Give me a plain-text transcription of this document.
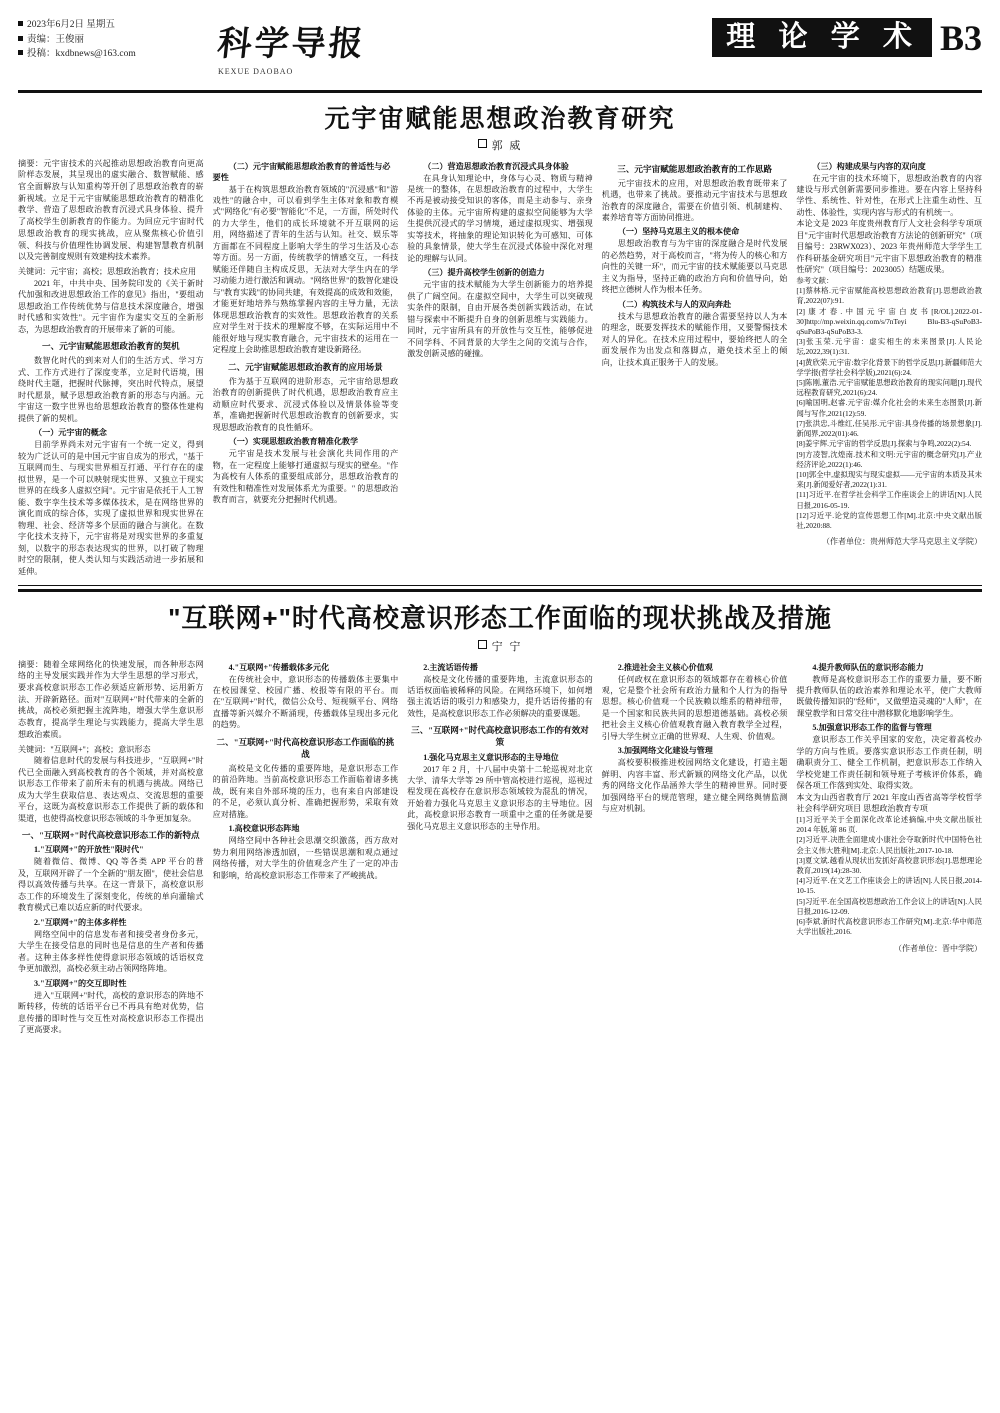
2023年6月2日 星期五
责编：王俊丽
投稿：kxdbnews@163.com	科学导报
KEXUE DAOBAO
理 论 学 术 B3
元宇宙赋能思想政治教育研究
郭 威

摘要：元宇宙技术的兴起推动思想政治教育向更高阶样态发展，其呈现出的虚实融合、数智赋能、感官全面解放与认知重构等开创了思想政治教育的崭新视域。立足于元宇宙赋能思想政治教育的精准化教学、营造了思想政治教育沉浸式具身体验、提升了高校学生创新教育的作能力。为回应元宇宙时代思想政治教育的现实挑战，应从聚焦核心价值引领、科技与价值理性协调发展、构建智慧教育机制以及完善制度规则有效建构技术素养。

关键词：元宇宙；高校；思想政治教育；技术应用

2021 年，中共中央、国务院印发的《关于新时代加强和改进思想政治工作的意见》指出，"要组动思想政治工作传统优势与信息技术深度融合，增强时代感和实效性"。元宇宙作为虚实交互的全新形态，为思想政治教育的开展带来了新的可能。

一、元宇宙赋能思想政治教育的契机

数智化时代的到来对人们的生活方式、学习方式、工作方式进行了深度变革，立足时代语境，围绕时代主题，把握时代脉搏，突出时代特点，展望时代愿景，赋予思想政治教育新的形态与内涵。元宇宙这一数字世界也给思想政治教育的整体性建构提供了新的契机。

（一）元宇宙的概念

目前学界尚未对元宇宙有一个统一定义，得到较为广泛认可的是中国元宇宙自成为的形式，"基于互联网而生、与现实世界相互打通、平行存在的虚拟世界，是一个可以映射现实世界、又独立于现实世界的在线多人虚拟空间"。元宇宙是依托于人工智能、数字孪生技术等多媒体技术，是在网络世界的演化而成的综合体，实现了虚拟世界和现实世界在物理、社会、经济等多个层面的融合与演化。在数字化技术支持下，元宇宙将是对现实世界的多重复刻，以数字的形态表达现实的世界，以打破了物理时空的限制，使人类认知与实践活动进一步拓展和延伸。

（二）元宇宙赋能思想政治教育的普适性与必要性

基于在构筑思想政治教育领域的"沉浸感"和"游戏性"的融合中，可以看到学生主体对象和教育模式"网络化"有必要"智能化"不足，一方面，所处时代的力大学生，他们的成长环境就不开互联网的运用，网络描述了青年的生活与认知。社交、娱乐等方面都在不同程度上影响大学生的学习生活及心态等方面。另一方面，传统教学的情感交互，一科技赋能还伴随自主构成反思，无法对大学生内在的学习动能力进行激活和调动。"网络世界"的数智化建设与"教育实践"的协同共建，有效提高的成效和效能，才能更好地培养与熟练掌握内容的主导力量，无法体现思想政治教育的实效性。思想政治教育的关系应对学生对于技术的理解度不够，在实际运用中不能很好地与现实教育融合，元宇宙技术的运用在一定程度上会助推思想政治教育建设新路径。

二、元宇宙赋能思想政治教育的应用场景

作为基于互联网的进阶形态，元宇宙给思想政治教育的创新提供了时代机遇，思想政治教育应主动顺应时代要求、沉浸式体验以及情景体验等变革，准确把握新时代思想政治教育的创新要求，实现思想政治教育的良性循环。

（一）实现思想政治教育精准化教学

元宇宙是技术发展与社会演化共同作用的产物，在一定程度上能够打通虚拟与现实的壁垒。"作为高校有人体系的重要组成部分，思想政治教育的有效性和精准性对发展体系尤为重要。" 的思想政治教育而言，就要充分把握时代机遇。

（二）营造思想政治教育沉浸式具身体验

在具身认知理论中，身体与心灵、物质与精神是统一的整体，在思想政治教育的过程中，大学生不再是被动接受知识的客体，而是主动参与、亲身体验的主体。元宇宙所构建的虚拟空间能够为大学生提供沉浸式的学习情境，通过虚拟现实、增强现实等技术，将抽象的理论知识转化为可感知、可体验的具象情景，使大学生在沉浸式体验中深化对理论的理解与认同。

（三）提升高校学生创新的创造力

元宇宙的技术赋能为大学生创新能力的培养提供了广阔空间。在虚拟空间中，大学生可以突破现实条件的限制，自由开展各类创新实践活动，在试错与探索中不断提升自身的创新思维与实践能力。同时，元宇宙所具有的开放性与交互性，能够促进不同学科、不同背景的大学生之间的交流与合作，激发创新灵感的碰撞。

三、元宇宙赋能思想政治教育的工作思路

元宇宙技术的应用，对思想政治教育既带来了机遇，也带来了挑战。要推动元宇宙技术与思想政治教育的深度融合，需要在价值引领、机制建构、素养培育等方面协同推进。

（一）坚持马克思主义的根本使命

思想政治教育与为宇宙的深度融合是时代发展的必然趋势，对于高校而言，"将为传人的核心和方向性的关键一环"，而元宇宙的技术赋能要以马克思主义为指导，坚持正确的政治方向和价值导向，始终把立德树人作为根本任务。

（二）构筑技术与人的双向奔赴

技术与思想政治教育的融合需要坚持以人为本的理念，既要发挥技术的赋能作用，又要警惕技术对人的异化。在技术应用过程中，要始终把人的全面发展作为出发点和落脚点，避免技术至上的倾向，让技术真正服务于人的发展。

（三）构建成果与内容的双向度

在元宇宙的技术环境下，思想政治教育的内容建设与形式创新需要同步推进。要在内容上坚持科学性、系统性、针对性，在形式上注重生动性、互动性、体验性，实现内容与形式的有机统一。

本论文是 2023 年度贵州教育厅人文社会科学专项项目"元宇宙时代思想政治教育方法论的创新研究"（项目编号：23RWX023）、2023 年贵州师范大学学生工作科研基金研究项目"元宇宙下思想政治教育的精准性研究"（项目编号：2023005）结题成果。

参考文献：

[1]蔡林格.元宇宙赋能高校思想政治教育[J].思想政治教育,2022(07):91.

[2]康才春.中国元宇宙白皮书[R/OL].2022-01-30]http://mp.weixin.qq.com/s/7nTeyi Blu-B3-qSuPoB3-qSuPoB3-qSuPoB3-3.

[3]张玉荣.元宇宙：虚实相生的未来图景[J].人民论坛,2022,39(1):31.

[4]黄欣荣.元宇宙:数字化背景下的哲学反思[J].新疆师范大学学报(哲学社会科学版),2021(6):24.

[5]陈刚,董浩.元宇宙赋能思想政治教育的现实问题[J].现代远程教育研究,2021(6):24.

[6]喻国明,赵睿.元宇宙:媒介化社会的未来生态图景[J].新闻与写作,2021(12):59.

[7]张洪忠,斗维红,任吴彤.元宇宙:具身传播的场景想象[J].新闻界,2022(01):46.

[8]姜宇辉.元宇宙的哲学反思[J].探索与争鸣,2022(2):54.

[9]方凌智,沈煌南.技术和文明:元宇宙的概念研究[J].产业经济评论,2022(1):46.

[10]郭全中,虚拟现实与现实虚拟——元宇宙的本质及其未来[J].新闻爱好者,2022(1):31.

[11]习近平.在哲学社会科学工作座谈会上的讲话[N].人民日报,2016-05-19.

[12]习近平.论党的宣传思想工作[M].北京:中央文献出版社,2020:88.

（作者单位：贵州师范大学马克思主义学院）
"互联网+"时代高校意识形态工作面临的现状挑战及措施
宁 宁

摘要：随着全球网络化的快速发展，而各种形态网络的主导发展实践并作为大学生思想的学习形式，要求高校意识形态工作必须适应新形势、运用新方法、开辟新路径。面对"互联网+"时代带来的全新的挑战，高校必须把握主流阵地，增强大学生意识形态教育，提高学生理论与实践能力，提高大学生思想政治素质。

关键词："互联网+"；高校；意识形态

随着信息时代的发展与科技进步，"互联网+"时代已全面融入到高校教育的各个领域，并对高校意识形态工作带来了前所未有的机遇与挑战。网络已成为大学生获取信息、表达观点、交流思想的重要平台，这既为高校意识形态工作提供了新的载体和渠道，也使得高校意识形态领域的斗争更加复杂。

一、"互联网+"时代高校意识形态工作的新特点
1."互联网+"的开放性"限时代"

随着微信、微博、QQ 等各类 APP 平台的普及，互联网开辟了一个全新的"朋友圈"，使社会信息得以高效传播与共享。在这一背景下，高校意识形态工作的环境发生了深刻变化，传统的单向灌输式教育模式已难以适应新的时代要求。

2."互联网+"的主体多样性

网络空间中的信息发布者和接受者身份多元，大学生在接受信息的同时也是信息的生产者和传播者。这种主体多样性使得意识形态领域的话语权竞争更加激烈，高校必须主动占领网络阵地。

3."互联网+"的交互即时性

进入"互联网+"时代，高校的意识形态的阵地不断转移，传统的话语平台已不再具有绝对优势，信息传播的即时性与交互性对高校意识形态工作提出了更高要求。

4."互联网+"传播载体多元化

在传统社会中，意识形态的传播载体主要集中在校园课堂、校园广播、校报等有限的平台。而在"互联网+"时代，微信公众号、短视频平台、网络直播等新兴媒介不断涌现，传播载体呈现出多元化的趋势。

二、"互联网+"时代高校意识形态工作面临的挑战

高校是文化传播的重要阵地，是意识形态工作的前沿阵地。当前高校意识形态工作面临着诸多挑战，既有来自外部环境的压力，也有来自内部建设的不足，必须认真分析、准确把握形势，采取有效应对措施。

1.高校意识形态阵地

网络空间中各种社会思潮交织激荡，西方敌对势力利用网络渗透加剧，一些错误思潮和观点通过网络传播，对大学生的价值观念产生了一定的冲击和影响，给高校意识形态工作带来了严峻挑战。

2.主流话语传播

高校是文化传播的重要阵地，主流意识形态的话语权面临被稀释的风险。在网络环境下，如何增强主流话语的吸引力和感染力，提升话语传播的有效性，是高校意识形态工作必须解决的重要课题。

三、"互联网+"时代高校意识形态工作的有效对策
1.强化马克思主义意识形态的主导地位

2017 年 2 月，十八届中央第十二轮巡视对北京大学、清华大学等 29 所中管高校进行巡视，巡视过程发现在高校存在意识形态领域较为混乱的情况，开始着力强化马克思主义意识形态的主导地位。因此，高校意识形态教育一项重中之重的任务就是要强化马克思主义意识形态的主导作用。

2.推进社会主义核心价值观

任何政权在意识形态的领域都存在着核心价值观，它是整个社会所有政治力量和个人行为的指导思想。核心价值观一个民族赖以维系的精神纽带，是一个国家和民族共同的思想道德基础。高校必须把社会主义核心价值观教育融入教育教学全过程，引导大学生树立正确的世界观、人生观、价值观。

3.加强网络文化建设与管理

高校要积极推进校园网络文化建设，打造主题鲜明、内容丰富、形式新颖的网络文化产品，以优秀的网络文化作品涵养大学生的精神世界。同时要加强网络平台的规范管理，建立健全网络舆情监测与应对机制。

4.提升教师队伍的意识形态能力

教师是高校意识形态工作的重要力量，要不断提升教师队伍的政治素养和理论水平，使广大教师既做传播知识的"经师"，又做塑造灵魂的"人师"，在课堂教学和日常交往中潜移默化地影响学生。

5.加强意识形态工作的监督与管理

意识形态工作关乎国家的安危，决定着高校办学的方向与性质。要落实意识形态工作责任制，明确职责分工、健全工作机制，把意识形态工作纳入学校党建工作责任制和领导班子考核评价体系，确保各项工作落到实处、取得实效。

本文为山西省教育厅 2021 年度山西省高等学校哲学社会科学研究项目 思想政治教育专项

[1]习近平关于全面深化改革论述摘编,中央文献出版社 2014 年版,第 86 页.

[2]习近平.决胜全面建成小康社会夺取新时代中国特色社会主义伟大胜利[M].北京:人民出版社,2017-10-18.

[3]夏文斌.越看从现状出发抓好高校意识形态[J].思想理论教育,2019(14):28-30.

[4]习近平.在文艺工作座谈会上的讲话[N].人民日报,2014-10-15.

[5]习近平.在全国高校思想政治工作会议上的讲话[N].人民日报,2016-12-09.

[6]李斌.新时代高校意识形态工作研究[M].北京:华中师范大学出版社,2016.

（作者单位：晋中学院）
